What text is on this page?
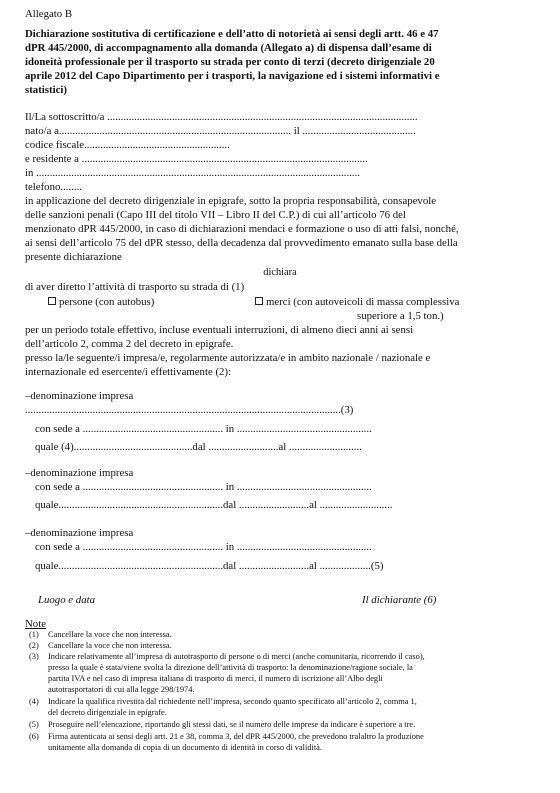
Allegato B
Dichiarazione sostitutiva di certificazione e dell’atto di notorietà ai sensi degli artt. 46 e 47
dPR 445/2000, di accompagnamento alla domanda (Allegato a) di dispensa dall’esame di
idoneità professionale per il trasporto su strada per conto di terzi (decreto dirigenziale 20
aprile 2012 del Capo Dipartimento per i trasporti, la navigazione ed i sistemi informativi e
statistici)
Il/La sottoscritto/a ...................................................................................................................
nato/a a...................................................................................... il ..........................................
codice fiscale......................................................
e residente a ..........................................................................................................
in ........................................................................................................................
telefono........
in applicazione del decreto dirigenziale in epigrafe, sotto la propria responsabilità, consapevole
delle sanzioni penali (Capo III del titolo VII – Libro II del C.P.) di cui all’articolo 76 del
menzionato dPR 445/2000, in caso di dichiarazioni mendaci e formazione o uso di atti falsi, nonché,
ai sensi dell’articolo 75 del dPR stesso, della decadenza dal provvedimento emanato sulla base della
presente dichiarazione
dichiara
di aver diretto l’attività di trasporto su strada di (1)
persone (con autobus)	merci (con autoveicoli di massa complessiva
superiore a 1,5 ton.)
per un periodo totale effettivo, incluse eventuali interruzioni, di almeno dieci anni ai sensi
dell’articolo 2, comma 2 del decreto in epigrafe.
presso la/le seguente/i impresa/e, regolarmente autorizzata/e in ambito nazionale / nazionale e
internazionale ed esercente/i effettivamente (2):
–denominazione impresa
.....................................................................................................................(3)
con sede a .................................................... in ..................................................
quale (4)............................................dal ..........................al ...........................
–denominazione impresa
con sede a .................................................... in ..................................................
quale.............................................................dal ..........................al ...........................
–denominazione impresa
con sede a .................................................... in ..................................................
quale.............................................................dal ..........................al ...................(5)
Luogo e data	Il dichiarante (6)
Note
(1) Cancellare la voce che non interessa.
(2) Cancellare la voce che non interessa.
(3) Indicare relativamente all’impresa di autotrasporto di persone o di merci (anche comunitaria, ricorrendo il caso),
presso la quale è stata/viene svolta la direzione dell’attività di trasporto: la denominazione/ragione sociale, la
partita IVA e nel caso di impresa italiana di trasporto di merci, il numero di iscrizione all’Albo degli
autotrasportatori di cui alla legge 298/1974.
(4) Indicare la qualifica rivestita dal richiedente nell’impresa, secondo quanto specificato all’articolo 2, comma 1,
del decreto dirigenziale in epigrafe.
(5) Proseguire nell’elencazione, riportando gli stessi dati, se il numero delle imprese da indicare è superiore a tre.
(6) Firma autenticata ai sensi degli artt. 21 e 38, comma 3, del dPR 445/2000, che prevedono tralaltro la produzione
unitamente alla domanda di copia di un documento di identità in corso di validità.
